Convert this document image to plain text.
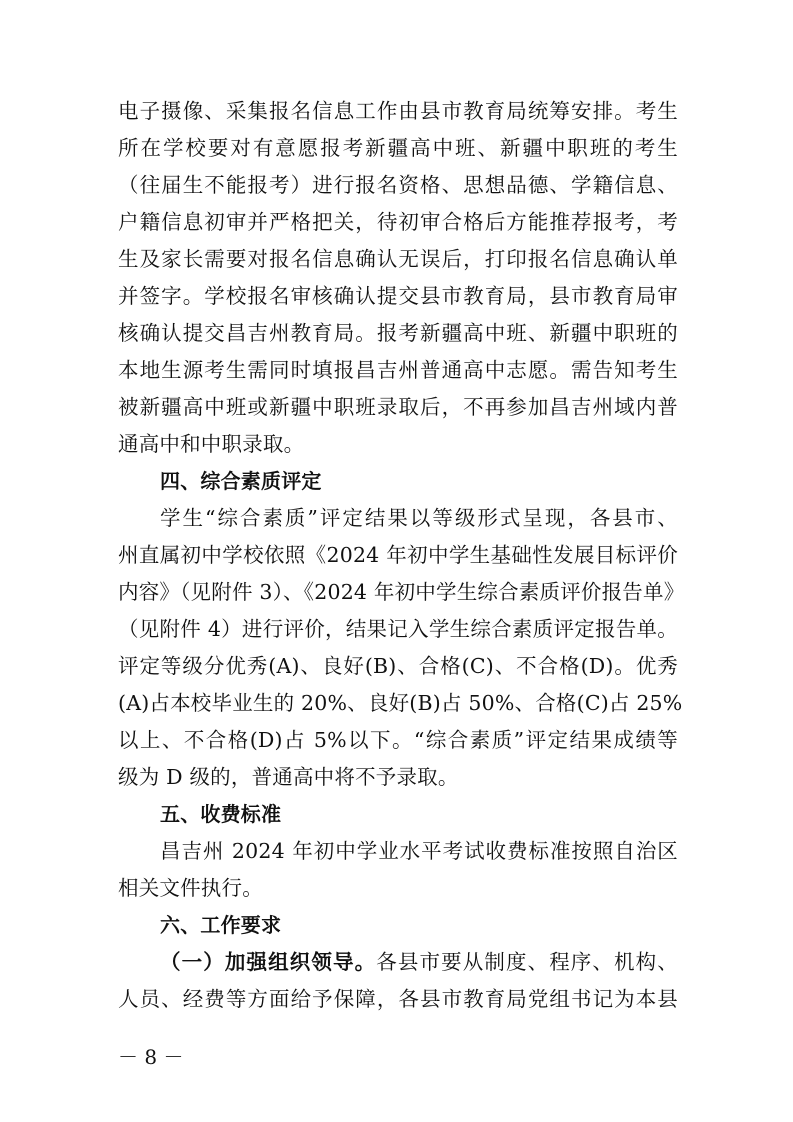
电子摄像、采集报名信息工作由县市教育局统筹安排。考生
所在学校要对有意愿报考新疆高中班、新疆中职班的考生
（往届生不能报考）进行报名资格、思想品德、学籍信息、
户籍信息初审并严格把关，待初审合格后方能推荐报考，考
生及家长需要对报名信息确认无误后，打印报名信息确认单
并签字。学校报名审核确认提交县市教育局，县市教育局审
核确认提交昌吉州教育局。报考新疆高中班、新疆中职班的
本地生源考生需同时填报昌吉州普通高中志愿。需告知考生
被新疆高中班或新疆中职班录取后，不再参加昌吉州域内普
通高中和中职录取。
四、综合素质评定
学生“综合素质”评定结果以等级形式呈现，各县市、
州直属初中学校依照《2024 年初中学生基础性发展目标评价
内容》（见附件 3）、《2024 年初中学生综合素质评价报告单》
（见附件 4）进行评价，结果记入学生综合素质评定报告单。
评定等级分优秀(A)、良好(B)、合格(C)、不合格(D)。优秀
(A)占本校毕业生的 20%、良好(B)占 50%、合格(C)占 25%
以上、不合格(D)占 5%以下。“综合素质”评定结果成绩等
级为 D 级的，普通高中将不予录取。
五、收费标准
昌吉州 2024 年初中学业水平考试收费标准按照自治区
相关文件执行。
六、工作要求
（一）加强组织领导。各县市要从制度、程序、机构、
人员、经费等方面给予保障，各县市教育局党组书记为本县
－ 8 －
